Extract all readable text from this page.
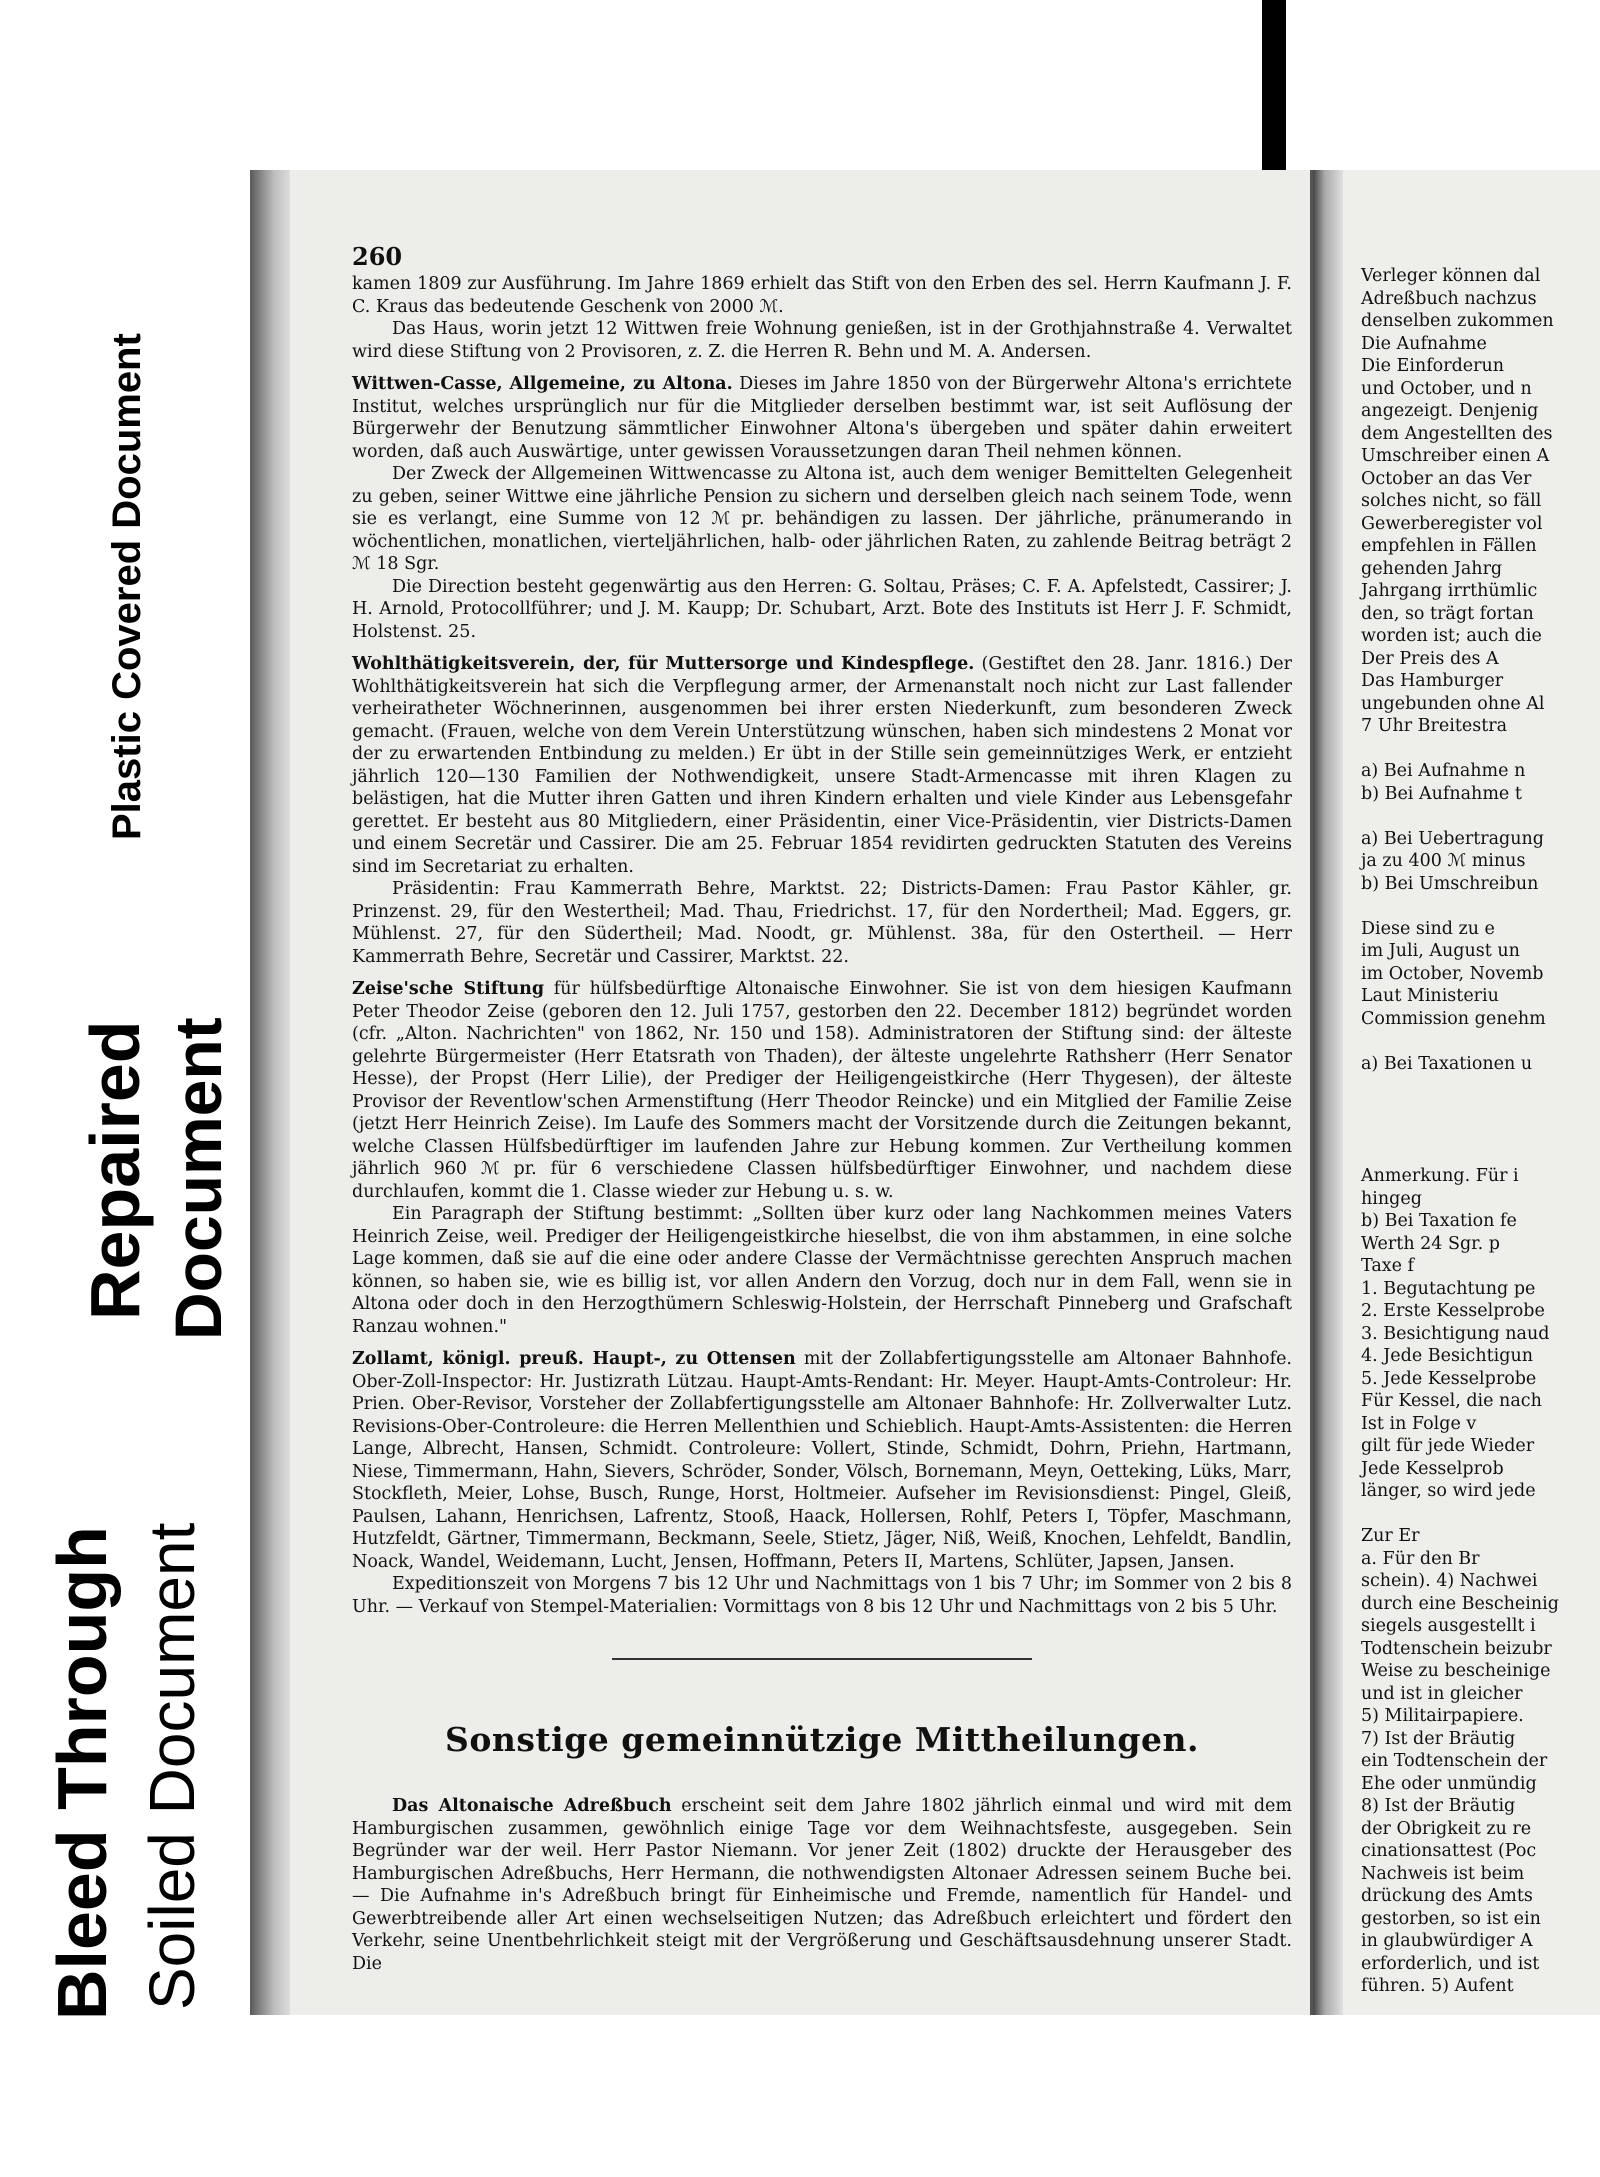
Plastic Covered Document
Repaired Document
Bleed Through Soiled Document
260

kamen 1809 zur Ausführung. Im Jahre 1869 erhielt das Stift von den Erben des sel. Herrn Kaufmann J. F. C. Kraus das bedeutende Geschenk von 2000 ℳ.

Das Haus, worin jetzt 12 Wittwen freie Wohnung genießen, ist in der Grothjahnstraße 4. Verwaltet wird diese Stiftung von 2 Provisoren, z. Z. die Herren R. Behn und M. A. Andersen.

Wittwen-Casse, Allgemeine, zu Altona. Dieses im Jahre 1850 von der Bürgerwehr Altona's errichtete Institut, welches ursprünglich nur für die Mitglieder derselben bestimmt war, ist seit Auflösung der Bürgerwehr der Benutzung sämmtlicher Einwohner Altona's übergeben und später dahin erweitert worden, daß auch Auswärtige, unter gewissen Voraussetzungen daran Theil nehmen können.

Der Zweck der Allgemeinen Wittwencasse zu Altona ist, auch dem weniger Bemittelten Gelegenheit zu geben, seiner Wittwe eine jährliche Pension zu sichern und derselben gleich nach seinem Tode, wenn sie es verlangt, eine Summe von 12 ℳ pr. behändigen zu lassen. Der jährliche, pränumerando in wöchentlichen, monatlichen, vierteljährlichen, halb- oder jährlichen Raten, zu zahlende Beitrag beträgt 2 ℳ 18 Sgr.

Die Direction besteht gegenwärtig aus den Herren: G. Soltau, Präses; C. F. A. Apfelstedt, Cassirer; J. H. Arnold, Protocollführer; und J. M. Kaupp; Dr. Schubart, Arzt. Bote des Instituts ist Herr J. F. Schmidt, Holstenst. 25.

Wohlthätigkeitsverein, der, für Muttersorge und Kindespflege. (Gestiftet den 28. Janr. 1816.) Der Wohlthätigkeitsverein hat sich die Verpflegung armer, der Armenanstalt noch nicht zur Last fallender verheiratheter Wöchnerinnen, ausgenommen bei ihrer ersten Niederkunft, zum besonderen Zweck gemacht. (Frauen, welche von dem Verein Unterstützung wünschen, haben sich mindestens 2 Monat vor der zu erwartenden Entbindung zu melden.) Er übt in der Stille sein gemeinnütziges Werk, er entzieht jährlich 120—130 Familien der Nothwendigkeit, unsere Stadt-Armencasse mit ihren Klagen zu belästigen, hat die Mutter ihren Gatten und ihren Kindern erhalten und viele Kinder aus Lebensgefahr gerettet. Er besteht aus 80 Mitgliedern, einer Präsidentin, einer Vice-Präsidentin, vier Districts-Damen und einem Secretär und Cassirer. Die am 25. Februar 1854 revidirten gedruckten Statuten des Vereins sind im Secretariat zu erhalten.

Präsidentin: Frau Kammerrath Behre, Marktst. 22; Districts-Damen: Frau Pastor Kähler, gr. Prinzenst. 29, für den Westertheil; Mad. Thau, Friedrichst. 17, für den Nordertheil; Mad. Eggers, gr. Mühlenst. 27, für den Südertheil; Mad. Noodt, gr. Mühlenst. 38a, für den Ostertheil. — Herr Kammerrath Behre, Secretär und Cassirer, Marktst. 22.

Zeise'sche Stiftung für hülfsbedürftige Altonaische Einwohner. Sie ist von dem hiesigen Kaufmann Peter Theodor Zeise (geboren den 12. Juli 1757, gestorben den 22. December 1812) begründet worden (cfr. „Alton. Nachrichten" von 1862, Nr. 150 und 158). Administratoren der Stiftung sind: der älteste gelehrte Bürgermeister (Herr Etatsrath von Thaden), der älteste ungelehrte Rathsherr (Herr Senator Hesse), der Propst (Herr Lilie), der Prediger der Heiligengeistkirche (Herr Thygesen), der älteste Provisor der Reventlow'schen Armenstiftung (Herr Theodor Reincke) und ein Mitglied der Familie Zeise (jetzt Herr Heinrich Zeise). Im Laufe des Sommers macht der Vorsitzende durch die Zeitungen bekannt, welche Classen Hülfsbedürftiger im laufenden Jahre zur Hebung kommen. Zur Vertheilung kommen jährlich 960 ℳ pr. für 6 verschiedene Classen hülfsbedürftiger Einwohner, und nachdem diese durchlaufen, kommt die 1. Classe wieder zur Hebung u. s. w.

Ein Paragraph der Stiftung bestimmt: „Sollten über kurz oder lang Nachkommen meines Vaters Heinrich Zeise, weil. Prediger der Heiligengeistkirche hieselbst, die von ihm abstammen, in eine solche Lage kommen, daß sie auf die eine oder andere Classe der Vermächtnisse gerechten Anspruch machen können, so haben sie, wie es billig ist, vor allen Andern den Vorzug, doch nur in dem Fall, wenn sie in Altona oder doch in den Herzogthümern Schleswig-Holstein, der Herrschaft Pinneberg und Grafschaft Ranzau wohnen."

Zollamt, königl. preuß. Haupt-, zu Ottensen mit der Zollabfertigungsstelle am Altonaer Bahnhofe. Ober-Zoll-Inspector: Hr. Justizrath Lützau. Haupt-Amts-Rendant: Hr. Meyer. Haupt-Amts-Controleur: Hr. Prien. Ober-Revisor, Vorsteher der Zollabfertigungsstelle am Altonaer Bahnhofe: Hr. Zollverwalter Lutz. Revisions-Ober-Controleure: die Herren Mellenthien und Schieblich. Haupt-Amts-Assistenten: die Herren Lange, Albrecht, Hansen, Schmidt. Controleure: Vollert, Stinde, Schmidt, Dohrn, Priehn, Hartmann, Niese, Timmermann, Hahn, Sievers, Schröder, Sonder, Völsch, Bornemann, Meyn, Oetteking, Lüks, Marr, Stockfleth, Meier, Lohse, Busch, Runge, Horst, Holtmeier. Aufseher im Revisionsdienst: Pingel, Gleiß, Paulsen, Lahann, Henrichsen, Lafrentz, Stooß, Haack, Hollersen, Rohlf, Peters I, Töpfer, Maschmann, Hutzfeldt, Gärtner, Timmermann, Beckmann, Seele, Stietz, Jäger, Niß, Weiß, Knochen, Lehfeldt, Bandlin, Noack, Wandel, Weidemann, Lucht, Jensen, Hoffmann, Peters II, Martens, Schlüter, Japsen, Jansen.

Expeditionszeit von Morgens 7 bis 12 Uhr und Nachmittags von 1 bis 7 Uhr; im Sommer von 2 bis 8 Uhr. — Verkauf von Stempel-Materialien: Vormittags von 8 bis 12 Uhr und Nachmittags von 2 bis 5 Uhr.

Sonstige gemeinnützige Mittheilungen.

Das Altonaische Adreßbuch erscheint seit dem Jahre 1802 jährlich einmal und wird mit dem Hamburgischen zusammen, gewöhnlich einige Tage vor dem Weihnachtsfeste, ausgegeben. Sein Begründer war der weil. Herr Pastor Niemann. Vor jener Zeit (1802) druckte der Herausgeber des Hamburgischen Adreßbuchs, Herr Hermann, die nothwendigsten Altonaer Adressen seinem Buche bei. — Die Aufnahme in's Adreßbuch bringt für Einheimische und Fremde, namentlich für Handel- und Gewerbtreibende aller Art einen wechselseitigen Nutzen; das Adreßbuch erleichtert und fördert den Verkehr, seine Unentbehrlichkeit steigt mit der Vergrößerung und Geschäftsausdehnung unserer Stadt. Die

Verleger können dal
Adreßbuch nachzus
denselben zukommen
Die Aufnahme
Die Einforderun
und October, und n
angezeigt. Denjenig
dem Angestellten des
Umschreiber einen A
October an das Ver
solches nicht, so fäll
Gewerberegister vol
empfehlen in Fällen
gehenden Jahrg
Jahrgang irrthümlic
den, so trägt fortan
worden ist; auch die
Der Preis des A
Das Hamburger
ungebunden ohne Al
7 Uhr Breitestra
a) Bei Aufnahme n
b) Bei Aufnahme t
a) Bei Uebertragung
ja zu 400 ℳ minus
b) Bei Umschreibun
Diese sind zu e
im Juli, August un
im October, Novemb
Laut Ministeriu
Commission genehm
a) Bei Taxationen u
Anmerkung. Für i
hingeg
b) Bei Taxation fe
Werth 24 Sgr. p
Taxe f
1. Begutachtung pe
2. Erste Kesselprobe
3. Besichtigung naud
4. Jede Besichtigun
5. Jede Kesselprobe
Für Kessel, die nach
Ist in Folge v
gilt für jede Wieder
Jede Kesselprob
länger, so wird jede
Zur Er
a. Für den Br
schein). 4) Nachwei
durch eine Bescheinig
siegels ausgestellt i
Todtenschein beizubr
Weise zu bescheinige
und ist in gleicher
5) Militairpapiere.
7) Ist der Bräutig
ein Todtenschein der
Ehe oder unmündig
8) Ist der Bräutig
der Obrigkeit zu re
cinationsattest (Poc
Nachweis ist beim
drückung des Amts
gestorben, so ist ein
in glaubwürdiger A
erforderlich, und ist
führen. 5) Aufent
